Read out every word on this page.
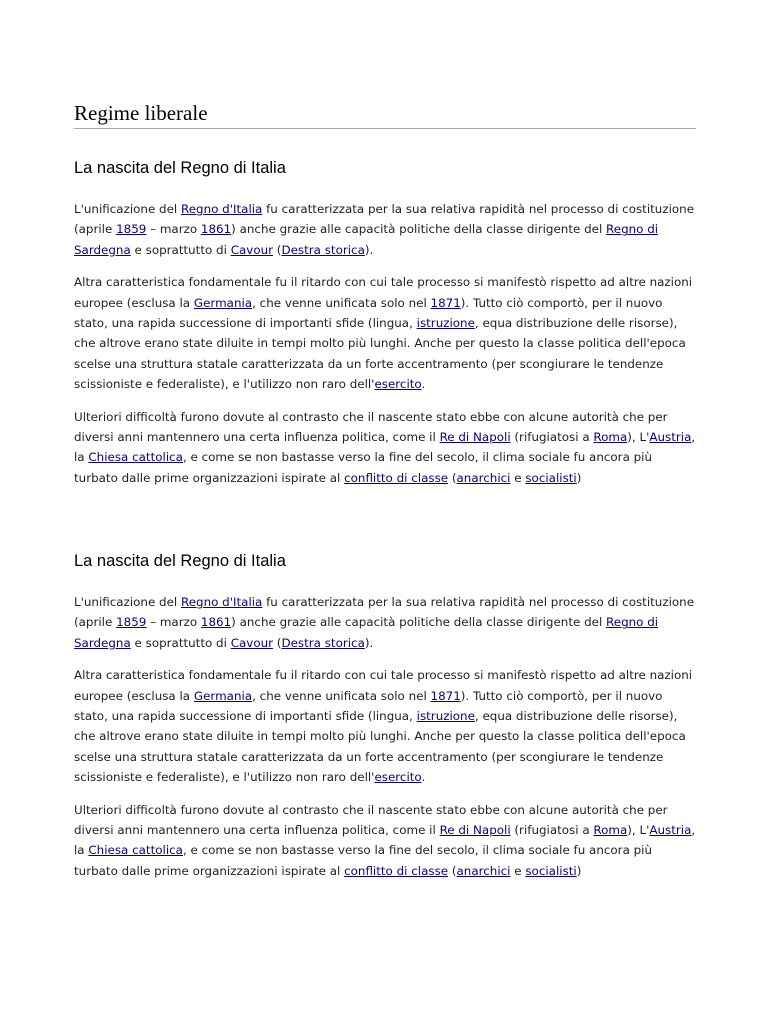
Regime liberale
La nascita del Regno di Italia

L'unificazione del Regno d'Italia fu caratterizzata per la sua relativa rapidità nel processo di costituzione (aprile 1859 – marzo 1861) anche grazie alle capacità politiche della classe dirigente del Regno di Sardegna e soprattutto di Cavour (Destra storica).

Altra caratteristica fondamentale fu il ritardo con cui tale processo si manifestò rispetto ad altre nazioni europee (esclusa la Germania, che venne unificata solo nel 1871). Tutto ciò comportò, per il nuovo stato, una rapida successione di importanti sfide (lingua, istruzione, equa distribuzione delle risorse), che altrove erano state diluite in tempi molto più lunghi. Anche per questo la classe politica dell'epoca scelse una struttura statale caratterizzata da un forte accentramento (per scongiurare le tendenze scissioniste e federaliste), e l'utilizzo non raro dell'esercito.

Ulteriori difficoltà furono dovute al contrasto che il nascente stato ebbe con alcune autorità che per diversi anni mantennero una certa influenza politica, come il Re di Napoli (rifugiatosi a Roma), L'Austria, la Chiesa cattolica, e come se non bastasse verso la fine del secolo, il clima sociale fu ancora più turbato dalle prime organizzazioni ispirate al conflitto di classe (anarchici e socialisti)

La nascita del Regno di Italia

L'unificazione del Regno d'Italia fu caratterizzata per la sua relativa rapidità nel processo di costituzione (aprile 1859 – marzo 1861) anche grazie alle capacità politiche della classe dirigente del Regno di Sardegna e soprattutto di Cavour (Destra storica).

Altra caratteristica fondamentale fu il ritardo con cui tale processo si manifestò rispetto ad altre nazioni europee (esclusa la Germania, che venne unificata solo nel 1871). Tutto ciò comportò, per il nuovo stato, una rapida successione di importanti sfide (lingua, istruzione, equa distribuzione delle risorse), che altrove erano state diluite in tempi molto più lunghi. Anche per questo la classe politica dell'epoca scelse una struttura statale caratterizzata da un forte accentramento (per scongiurare le tendenze scissioniste e federaliste), e l'utilizzo non raro dell'esercito.

Ulteriori difficoltà furono dovute al contrasto che il nascente stato ebbe con alcune autorità che per diversi anni mantennero una certa influenza politica, come il Re di Napoli (rifugiatosi a Roma), L'Austria, la Chiesa cattolica, e come se non bastasse verso la fine del secolo, il clima sociale fu ancora più turbato dalle prime organizzazioni ispirate al conflitto di classe (anarchici e socialisti)
